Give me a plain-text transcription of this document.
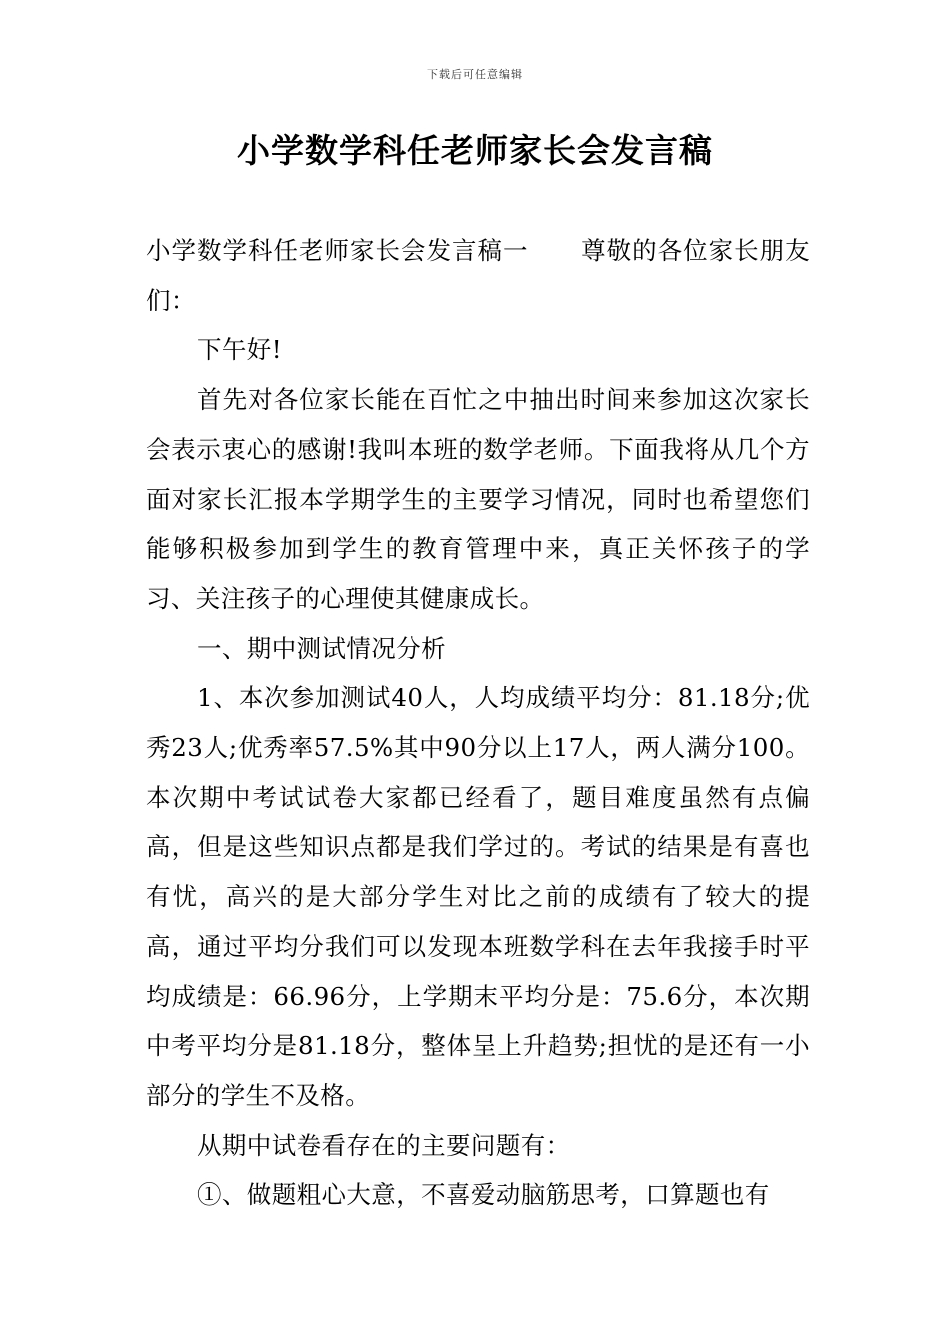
下载后可任意编辑
小学数学科任老师家长会发言稿

小学数学科任老师家长会发言稿一 尊敬的各位家长朋友们：

下午好!

首先对各位家长能在百忙之中抽出时间来参加这次家长会表示衷心的感谢!我叫本班的数学老师。下面我将从几个方面对家长汇报本学期学生的主要学习情况，同时也希望您们能够积极参加到学生的教育管理中来，真正关怀孩子的学习、关注孩子的心理使其健康成长。

一、期中测试情况分析

1、本次参加测试40人，人均成绩平均分：81.18分;优秀23人;优秀率57.5%其中90分以上17人，两人满分100。本次期中考试试卷大家都已经看了，题目难度虽然有点偏高，但是这些知识点都是我们学过的。考试的结果是有喜也有忧，高兴的是大部分学生对比之前的成绩有了较大的提高，通过平均分我们可以发现本班数学科在去年我接手时平均成绩是：66.96分，上学期末平均分是：75.6分，本次期中考平均分是81.18分，整体呈上升趋势;担忧的是还有一小部分的学生不及格。

从期中试卷看存在的主要问题有：

①、做题粗心大意，不喜爱动脑筋思考，口算题也有
